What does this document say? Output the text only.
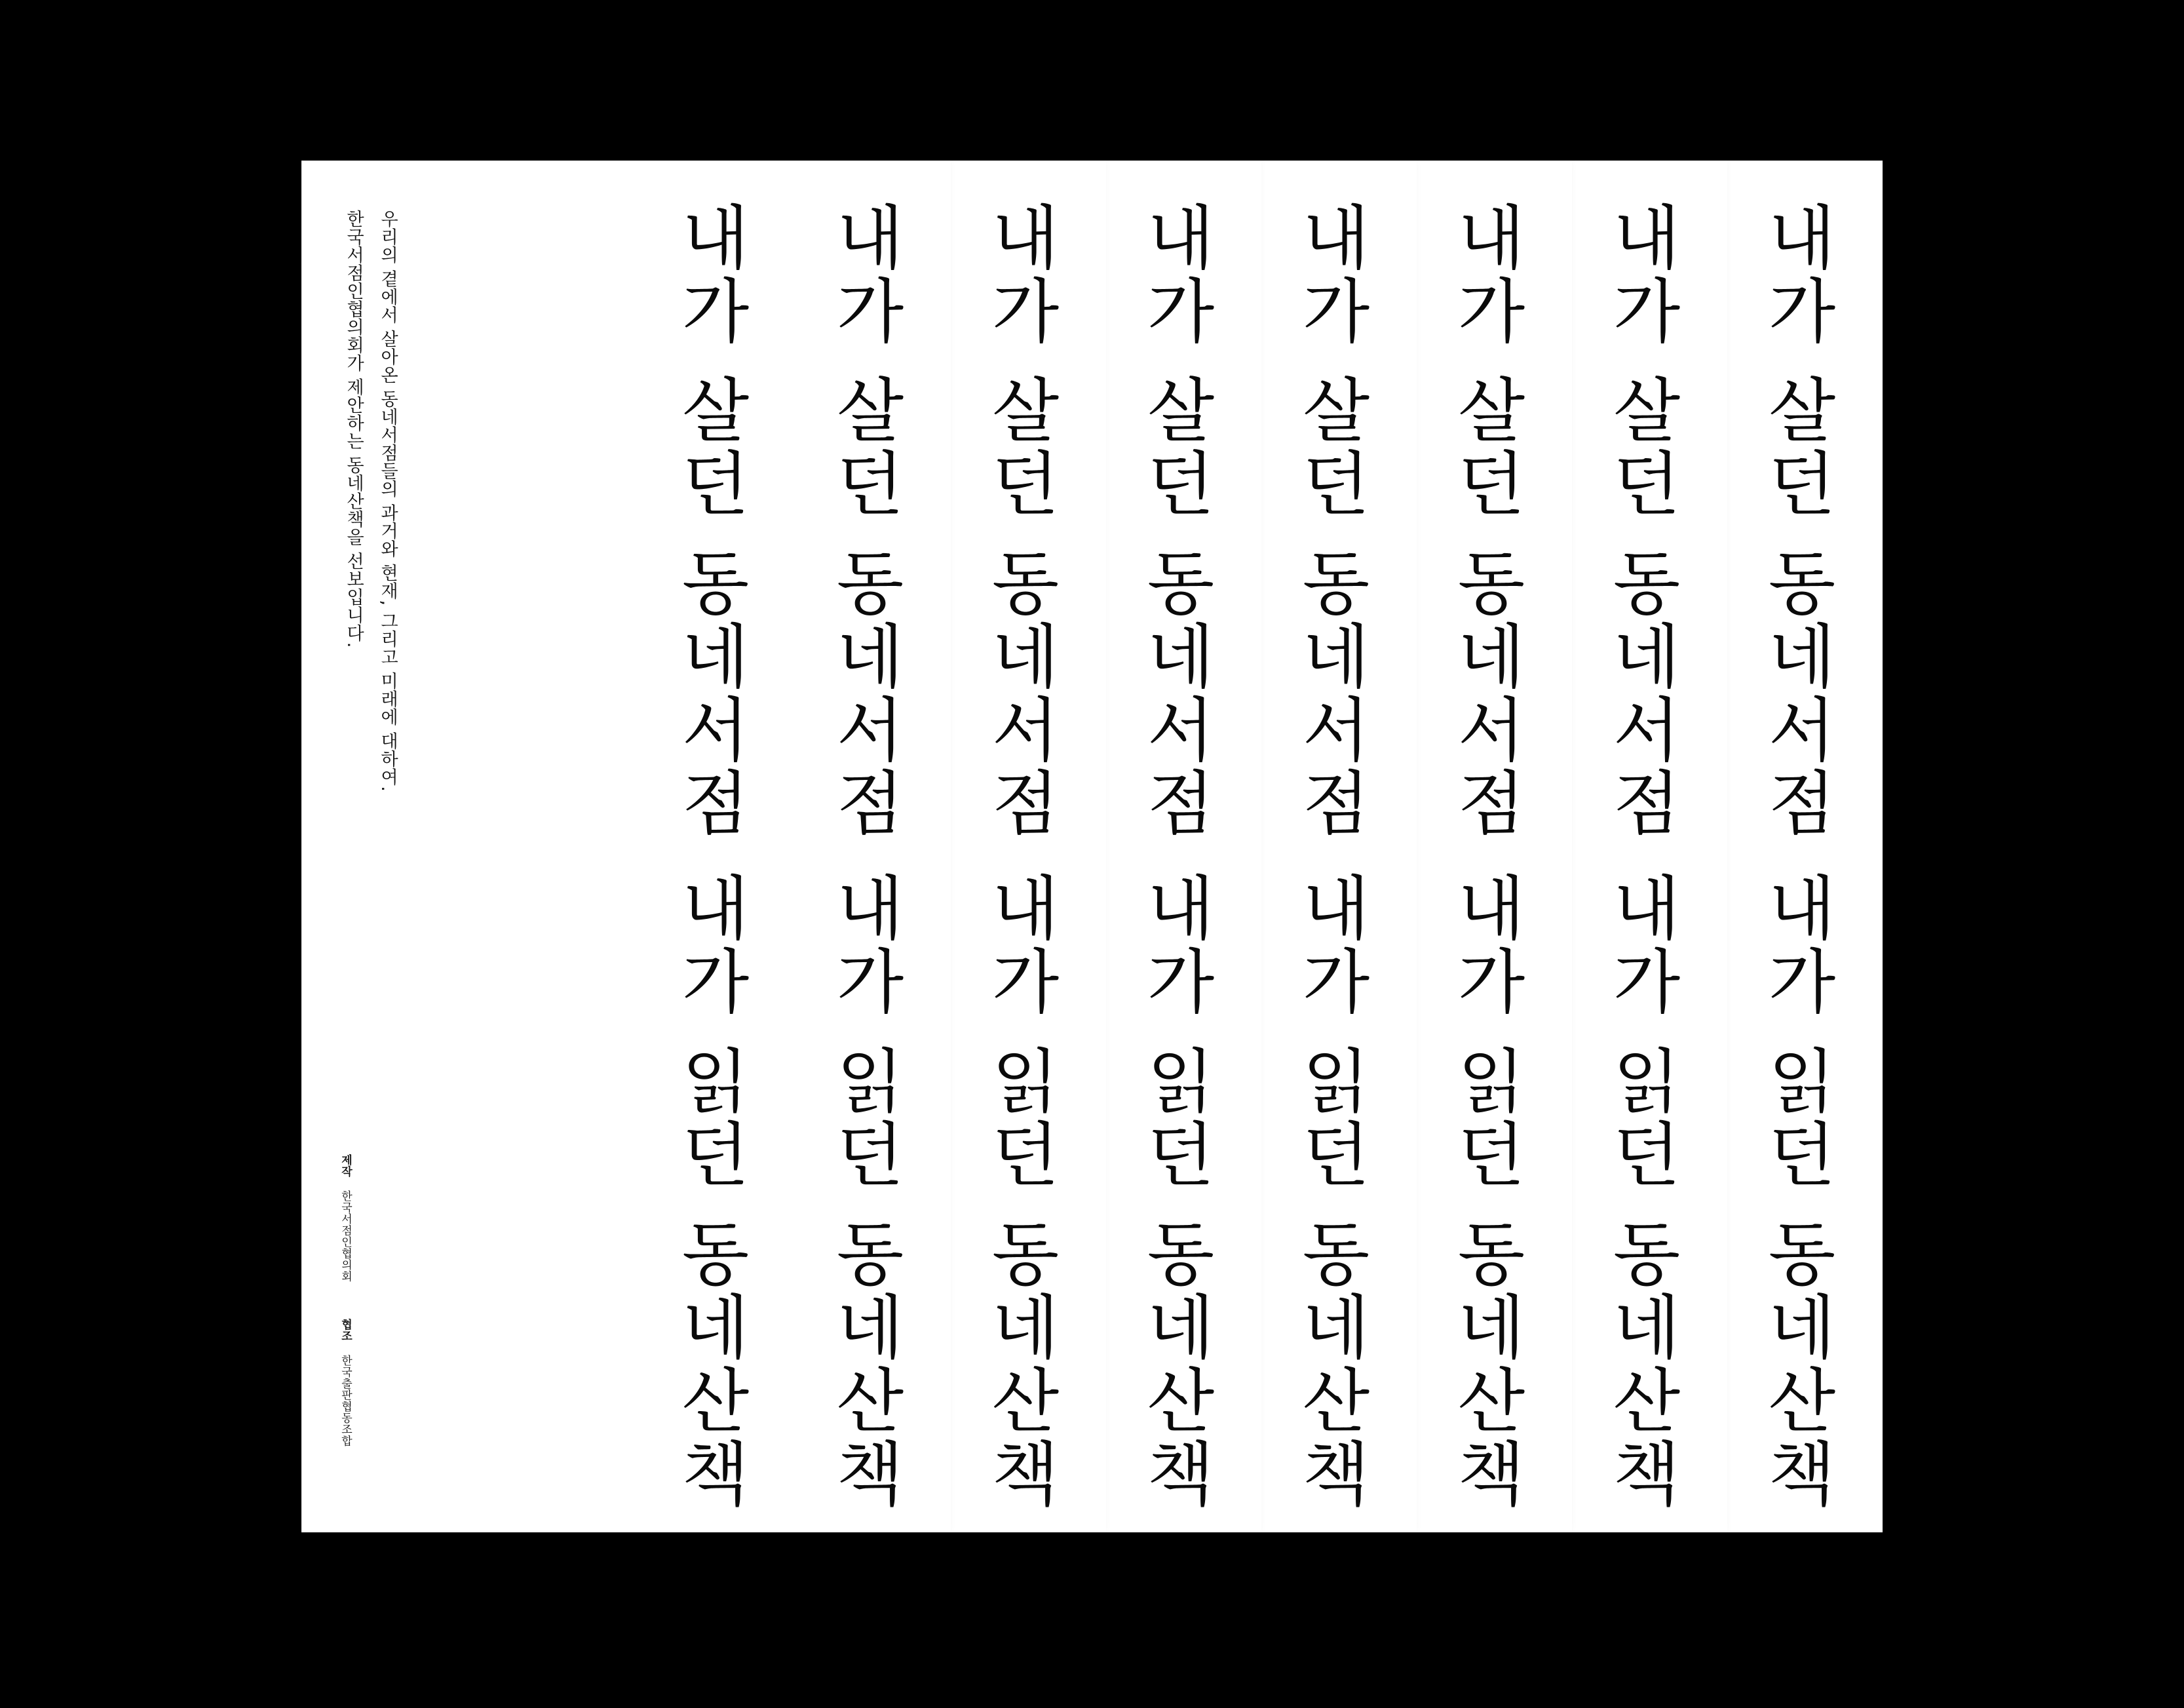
내가 살던 동네서점내가 읽던 동네산책
내가 살던 동네서점내가 읽던 동네산책
내가 살던 동네서점내가 읽던 동네산책
내가 살던 동네서점내가 읽던 동네산책
내가 살던 동네서점내가 읽던 동네산책
내가 살던 동네서점내가 읽던 동네산책
내가 살던 동네서점내가 읽던 동네산책
우리의 곁에서 살아온 동네서점들의 과거와 현재, 그리고 미래에 대하여.
한국서점인협의회가 제안하는 동네산책을 선보입니다.
제작한국서점인협의회협조한국출판협동조합
내가 살던 동네서점내가 읽던 동네산책
